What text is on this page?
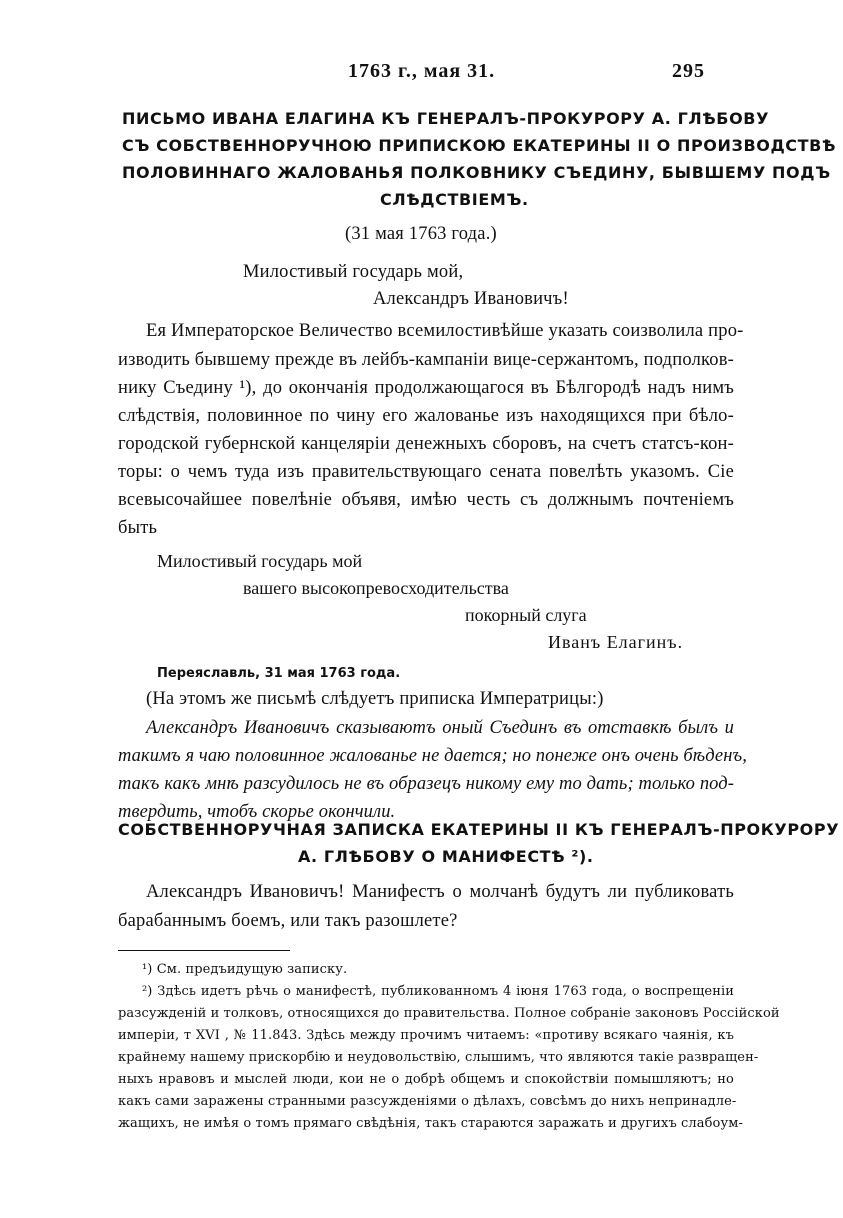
1763 г., мая 31.	295
ПИСЬМО ИВАНА ЕЛАГИНА КЪ ГЕНЕРАЛЪ-ПРОКУРОРУ А. ГЛѢБОВУ
СЪ СОБСТВЕННОРУЧНОЮ ПРИПИСКОЮ ЕКАТЕРИНЫ II О ПРОИЗВОДСТВѢ
ПОЛОВИННАГО ЖАЛОВАНЬЯ ПОЛКОВНИКУ СЪЕДИНУ, БЫВШЕМУ ПОДЪ
СЛѢДСТВІЕМЪ.
(31 мая 1763 года.)
Милостивый государь мой,
Александръ Ивановичъ!
Ея Императорское Величество всемилостивѣйше указать соизволила про-
изводить бывшему прежде въ лейбъ-кампаніи вице-сержантомъ, подполков-
нику Съедину ¹), до окончанія продолжающагося въ Бѣлгородѣ надъ нимъ
слѣдствія, половинное по чину его жалованье изъ находящихся при бѣло-
городской губернской канцеляріи денежныхъ сборовъ, на счетъ статсъ-кон-
торы: о чемъ туда изъ правительствующаго сената повелѣть указомъ. Сіе
всевысочайшее повелѣніе объявя, имѣю честь съ должнымъ почтеніемъ
быть
Милостивый государь мой
вашего высокопревосходительства
покорный слуга
Иванъ Елагинъ.
Переяславль, 31 мая 1763 года.
(На этомъ же письмѣ слѣдуетъ приписка Императрицы:)
Александръ Ивановичъ сказываютъ оный Съединъ въ отставкѣ былъ и
такимъ я чаю половинное жалованье не дается; но понеже онъ очень бѣденъ,
такъ какъ мнѣ разсудилось не въ образецъ никому ему то дать; только под-
твердить, чтобъ скорье окончили.
СОБСТВЕННОРУЧНАЯ ЗАПИСКА ЕКАТЕРИНЫ II КЪ ГЕНЕРАЛЪ-ПРОКУРОРУ
А. ГЛѢБОВУ О МАНИФЕСТѢ ²).
Александръ Ивановичъ! Манифестъ о молчанѣ будутъ ли публиковать
барабаннымъ боемъ, или такъ разошлете?
¹) См. предъидущую записку.
²) Здѣсь идетъ рѣчь о манифестѣ, публикованномъ 4 іюня 1763 года, о воспрещеніи
разсужденій и толковъ, относящихся до правительства. Полное собраніе законовъ Россійской
имперіи, т XVI , № 11.843. Здѣсь между прочимъ читаемъ: «противу всякаго чаянія, къ
крайнему нашему прискорбію и неудовольствію, слышимъ, что являются такіе развращен-
ныхъ нравовъ и мыслей люди, кои не о добрѣ общемъ и спокойствіи помышляютъ; но
какъ сами заражены странными разсужденіями о дѣлахъ, совсѣмъ до нихъ непринадле-
жащихъ, не имѣя о томъ прямаго свѣдѣнія, такъ стараются заражать и другихъ слабоум-
